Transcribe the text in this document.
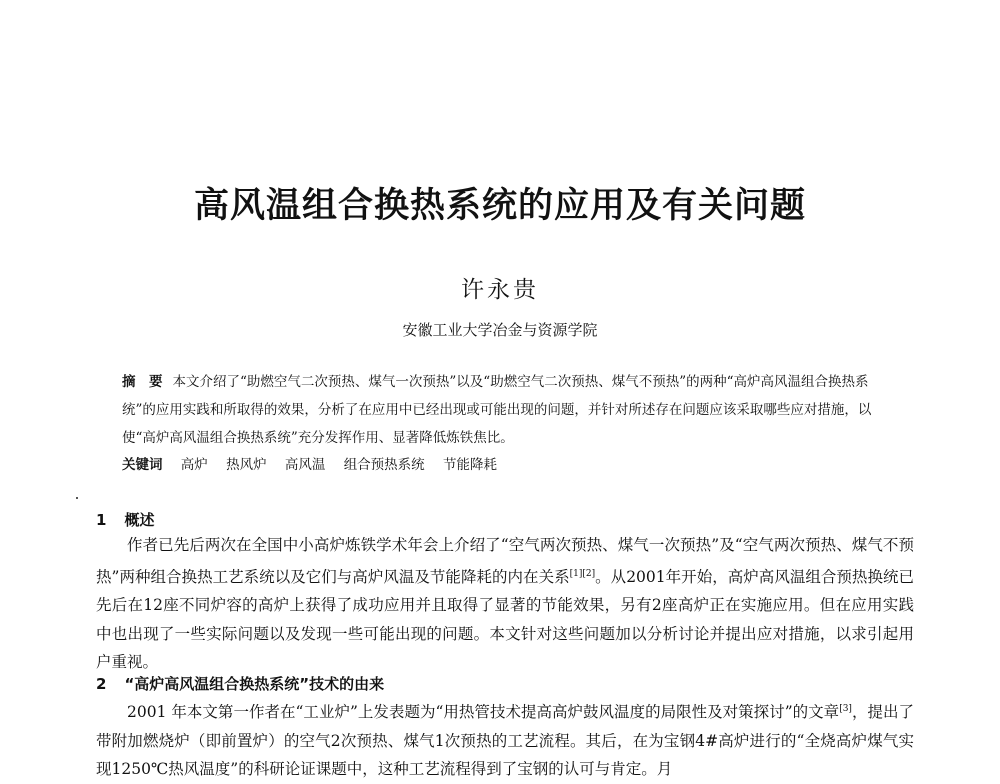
高风温组合换热系统的应用及有关问题
许永贵
安徽工业大学冶金与资源学院
摘　要 本文介绍了“助燃空气二次预热、煤气一次预热”以及“助燃空气二次预热、煤气不预热”的两种“高炉高风温组合换热系统”的应用实践和所取得的效果，分析了在应用中已经出现或可能出现的问题，并针对所述存在问题应该采取哪些应对措施，以使“高炉高风温组合换热系统”充分发挥作用、显著降低炼铁焦比。
关键词 高炉 热风炉 高风温 组合预热系统 节能降耗
1 概述
作者已先后两次在全国中小高炉炼铁学术年会上介绍了“空气两次预热、煤气一次预热”及“空气两次预热、煤气不预热”两种组合换热工艺系统以及它们与高炉风温及节能降耗的内在关系[1][2]。从2001年开始，高炉高风温组合预热换统已先后在12座不同炉容的高炉上获得了成功应用并且取得了显著的节能效果，另有2座高炉正在实施应用。但在应用实践中也出现了一些实际问题以及发现一些可能出现的问题。本文针对这些问题加以分析讨论并提出应对措施，以求引起用户重视。
2 “高炉高风温组合换热系统”技术的由来
2001 年本文第一作者在“工业炉”上发表题为“用热管技术提高高炉鼓风温度的局限性及对策探讨”的文章[3]，提出了带附加燃烧炉（即前置炉）的空气2次预热、煤气1次预热的工艺流程。其后，在为宝钢4#高炉进行的“全烧高炉煤气实现1250℃热风温度”的科研论证课题中，这种工艺流程得到了宝钢的认可与肯定。月
